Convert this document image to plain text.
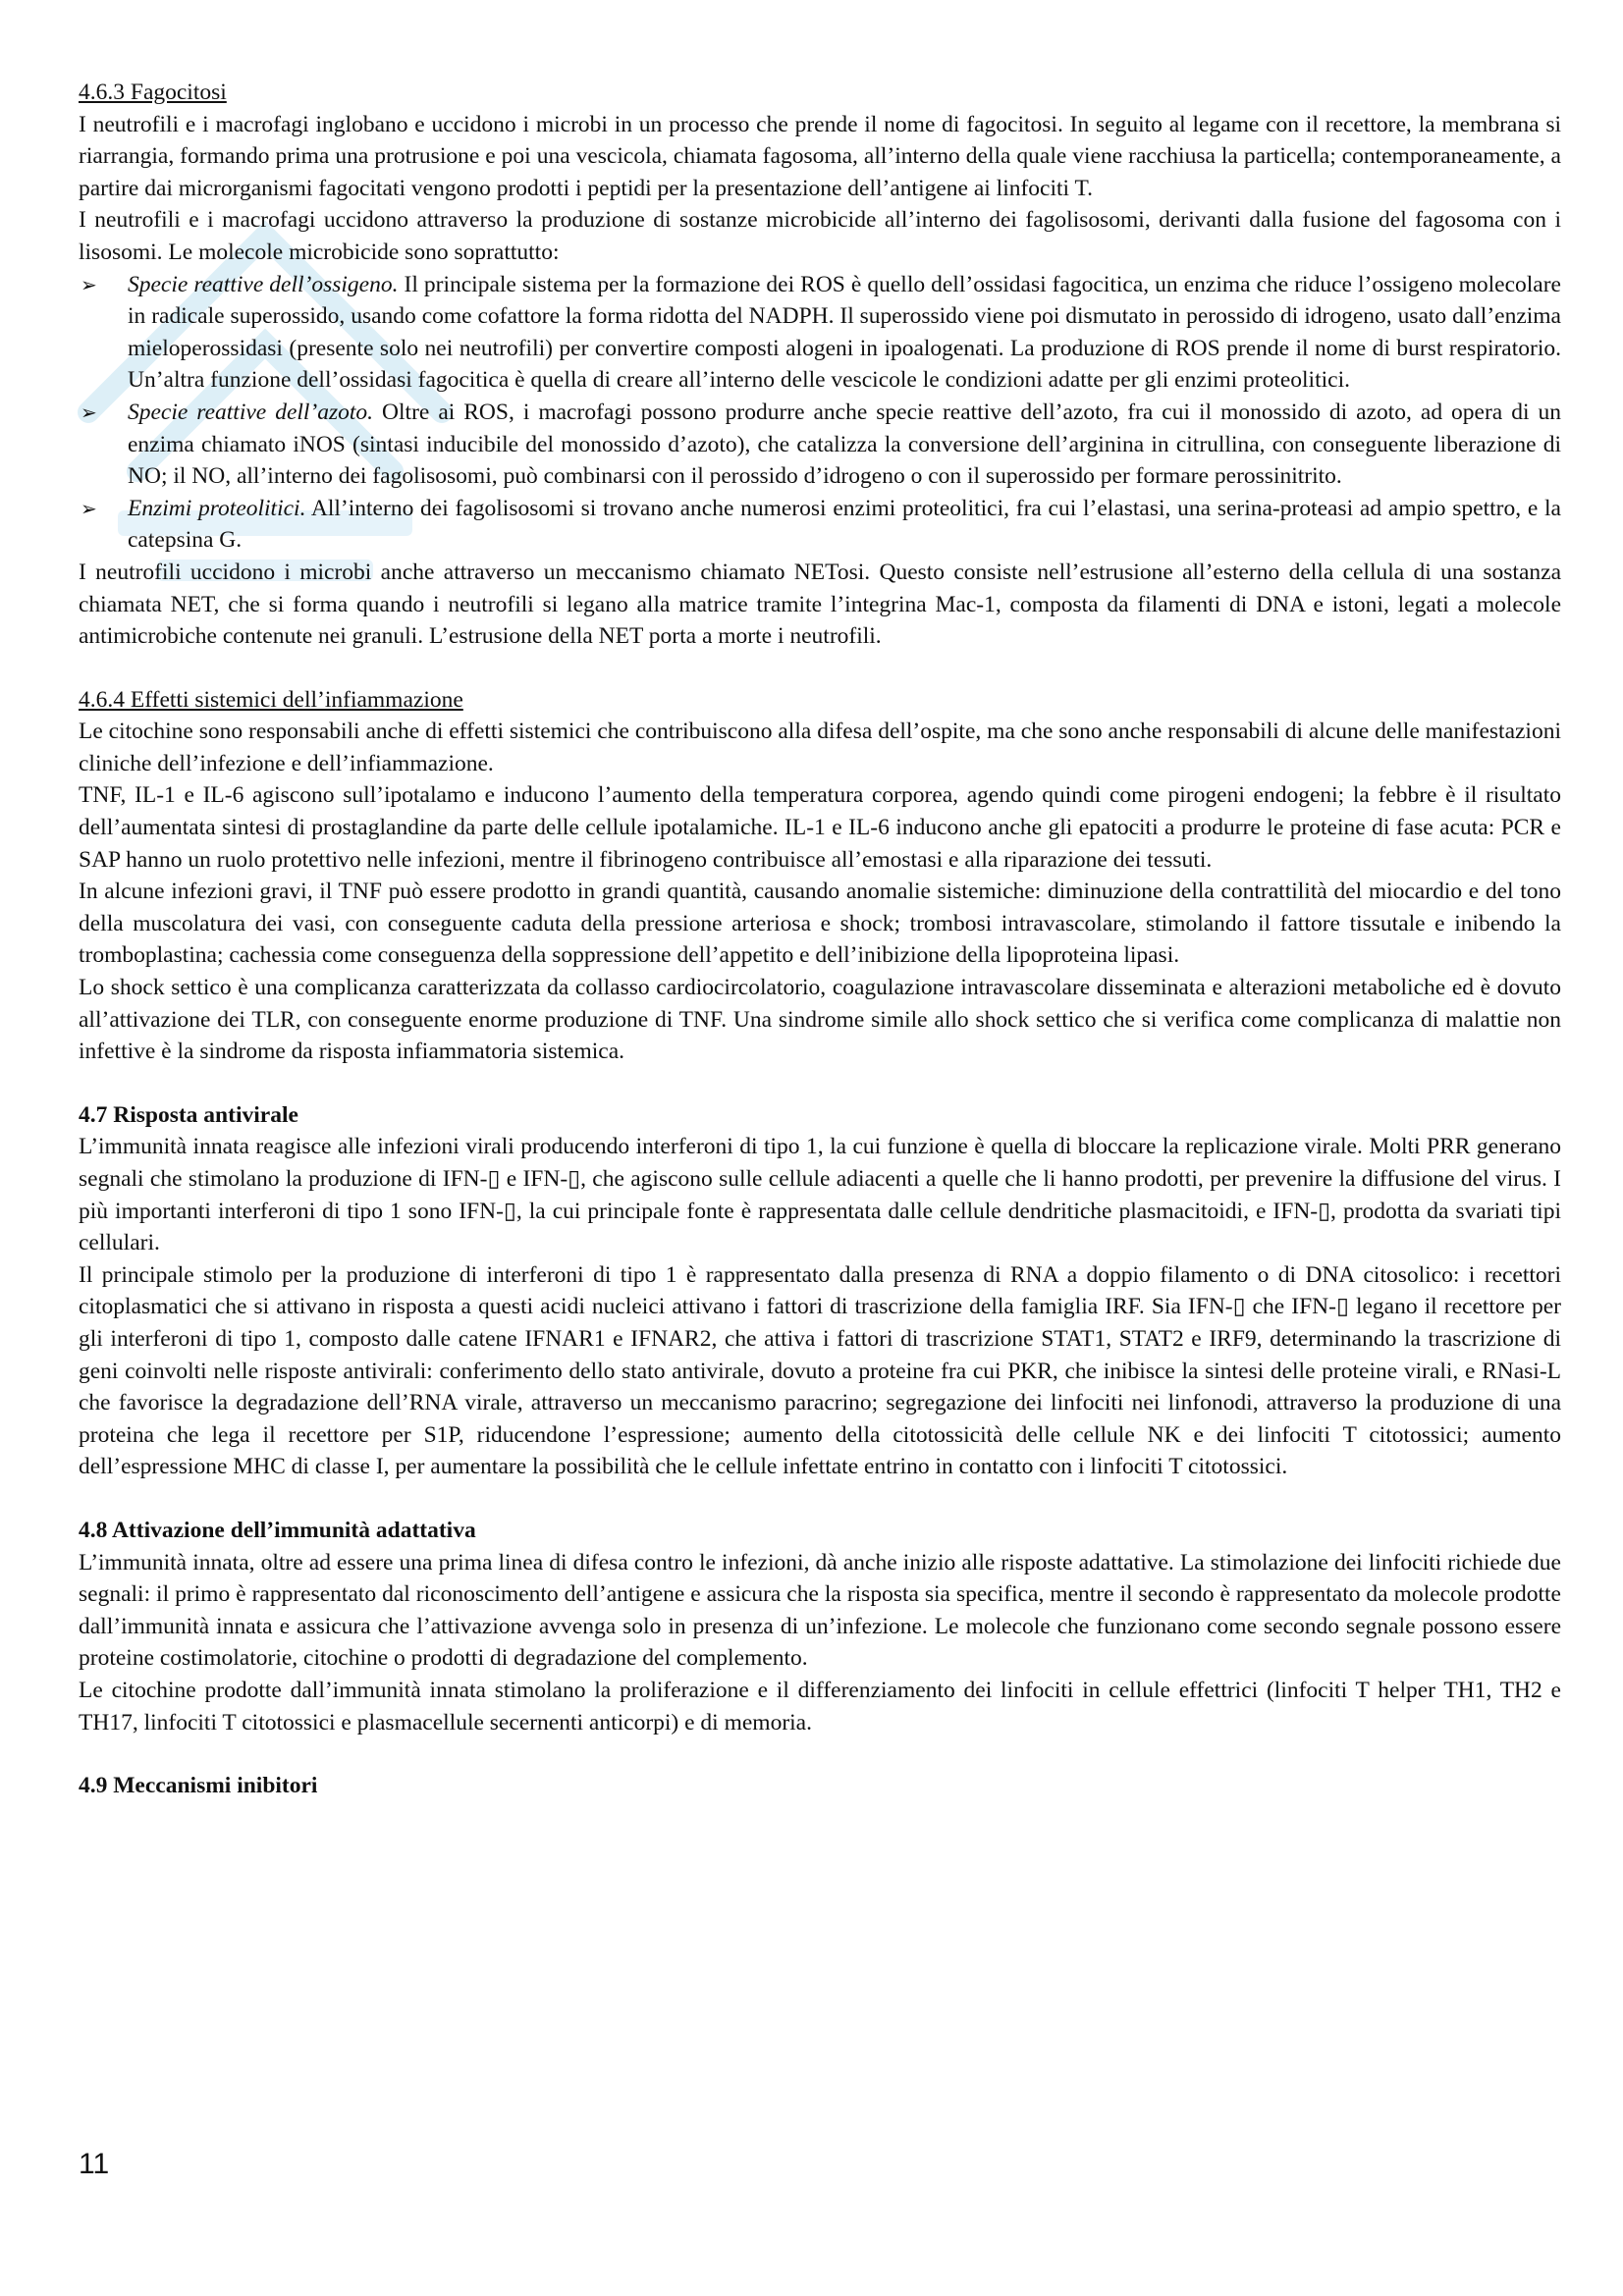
4.6.3 Fagocitosi

I neutrofili e i macrofagi inglobano e uccidono i microbi in un processo che prende il nome di fagocitosi. In seguito al legame con il recettore, la membrana si riarrangia, formando prima una protrusione e poi una vescicola, chiamata fagosoma, all’interno della quale viene racchiusa la particella; contemporaneamente, a partire dai microrganismi fagocitati vengono prodotti i peptidi per la presentazione dell’antigene ai linfociti T.

I neutrofili e i macrofagi uccidono attraverso la produzione di sostanze microbicide all’interno dei fagolisosomi, derivanti dalla fusione del fagosoma con i lisosomi. Le molecole microbicide sono soprattutto:

➢ Specie reattive dell’ossigeno. Il principale sistema per la formazione dei ROS è quello dell’ossidasi fagocitica, un enzima che riduce l’ossigeno molecolare in radicale superossido, usando come cofattore la forma ridotta del NADPH. Il superossido viene poi dismutato in perossido di idrogeno, usato dall’enzima mieloperossidasi (presente solo nei neutrofili) per convertire composti alogeni in ipoalogenati. La produzione di ROS prende il nome di burst respiratorio. Un’altra funzione dell’ossidasi fagocitica è quella di creare all’interno delle vescicole le condizioni adatte per gli enzimi proteolitici.
➢ Specie reattive dell’azoto. Oltre ai ROS, i macrofagi possono produrre anche specie reattive dell’azoto, fra cui il monossido di azoto, ad opera di un enzima chiamato iNOS (sintasi inducibile del monossido d’azoto), che catalizza la conversione dell’arginina in citrullina, con conseguente liberazione di NO; il NO, all’interno dei fagolisosomi, può combinarsi con il perossido d’idrogeno o con il superossido per formare perossinitrito.
➢ Enzimi proteolitici. All’interno dei fagolisosomi si trovano anche numerosi enzimi proteolitici, fra cui l’elastasi, una serina-proteasi ad ampio spettro, e la catepsina G.

I neutrofili uccidono i microbi anche attraverso un meccanismo chiamato NETosi. Questo consiste nell’estrusione all’esterno della cellula di una sostanza chiamata NET, che si forma quando i neutrofili si legano alla matrice tramite l’integrina Mac-1, composta da filamenti di DNA e istoni, legati a molecole antimicrobiche contenute nei granuli. L’estrusione della NET porta a morte i neutrofili.

4.6.4 Effetti sistemici dell’infiammazione

Le citochine sono responsabili anche di effetti sistemici che contribuiscono alla difesa dell’ospite, ma che sono anche responsabili di alcune delle manifestazioni cliniche dell’infezione e dell’infiammazione.

TNF, IL-1 e IL-6 agiscono sull’ipotalamo e inducono l’aumento della temperatura corporea, agendo quindi come pirogeni endogeni; la febbre è il risultato dell’aumentata sintesi di prostaglandine da parte delle cellule ipotalamiche. IL-1 e IL-6 inducono anche gli epatociti a produrre le proteine di fase acuta: PCR e SAP hanno un ruolo protettivo nelle infezioni, mentre il fibrinogeno contribuisce all’emostasi e alla riparazione dei tessuti.

In alcune infezioni gravi, il TNF può essere prodotto in grandi quantità, causando anomalie sistemiche: diminuzione della contrattilità del miocardio e del tono della muscolatura dei vasi, con conseguente caduta della pressione arteriosa e shock; trombosi intravascolare, stimolando il fattore tissutale e inibendo la tromboplastina; cachessia come conseguenza della soppressione dell’appetito e dell’inibizione della lipoproteina lipasi.

Lo shock settico è una complicanza caratterizzata da collasso cardiocircolatorio, coagulazione intravascolare disseminata e alterazioni metaboliche ed è dovuto all’attivazione dei TLR, con conseguente enorme produzione di TNF. Una sindrome simile allo shock settico che si verifica come complicanza di malattie non infettive è la sindrome da risposta infiammatoria sistemica.

4.7 Risposta antivirale

L’immunità innata reagisce alle infezioni virali producendo interferoni di tipo 1, la cui funzione è quella di bloccare la replicazione virale. Molti PRR generano segnali che stimolano la produzione di IFN-▯ e IFN-▯, che agiscono sulle cellule adiacenti a quelle che li hanno prodotti, per prevenire la diffusione del virus. I più importanti interferoni di tipo 1 sono IFN-▯, la cui principale fonte è rappresentata dalle cellule dendritiche plasmacitoidi, e IFN-▯, prodotta da svariati tipi cellulari.

Il principale stimolo per la produzione di interferoni di tipo 1 è rappresentato dalla presenza di RNA a doppio filamento o di DNA citosolico: i recettori citoplasmatici che si attivano in risposta a questi acidi nucleici attivano i fattori di trascrizione della famiglia IRF. Sia IFN-▯ che IFN-▯ legano il recettore per gli interferoni di tipo 1, composto dalle catene IFNAR1 e IFNAR2, che attiva i fattori di trascrizione STAT1, STAT2 e IRF9, determinando la trascrizione di geni coinvolti nelle risposte antivirali: conferimento dello stato antivirale, dovuto a proteine fra cui PKR, che inibisce la sintesi delle proteine virali, e RNasi-L che favorisce la degradazione dell’RNA virale, attraverso un meccanismo paracrino; segregazione dei linfociti nei linfonodi, attraverso la produzione di una proteina che lega il recettore per S1P, riducendone l’espressione; aumento della citotossicità delle cellule NK e dei linfociti T citotossici; aumento dell’espressione MHC di classe I, per aumentare la possibilità che le cellule infettate entrino in contatto con i linfociti T citotossici.

4.8 Attivazione dell’immunità adattativa

L’immunità innata, oltre ad essere una prima linea di difesa contro le infezioni, dà anche inizio alle risposte adattative. La stimolazione dei linfociti richiede due segnali: il primo è rappresentato dal riconoscimento dell’antigene e assicura che la risposta sia specifica, mentre il secondo è rappresentato da molecole prodotte dall’immunità innata e assicura che l’attivazione avvenga solo in presenza di un’infezione. Le molecole che funzionano come secondo segnale possono essere proteine costimolatorie, citochine o prodotti di degradazione del complemento.

Le citochine prodotte dall’immunità innata stimolano la proliferazione e il differenziamento dei linfociti in cellule effettrici (linfociti T helper TH1, TH2 e TH17, linfociti T citotossici e plasmacellule secernenti anticorpi) e di memoria.

4.9 Meccanismi inibitori

11
